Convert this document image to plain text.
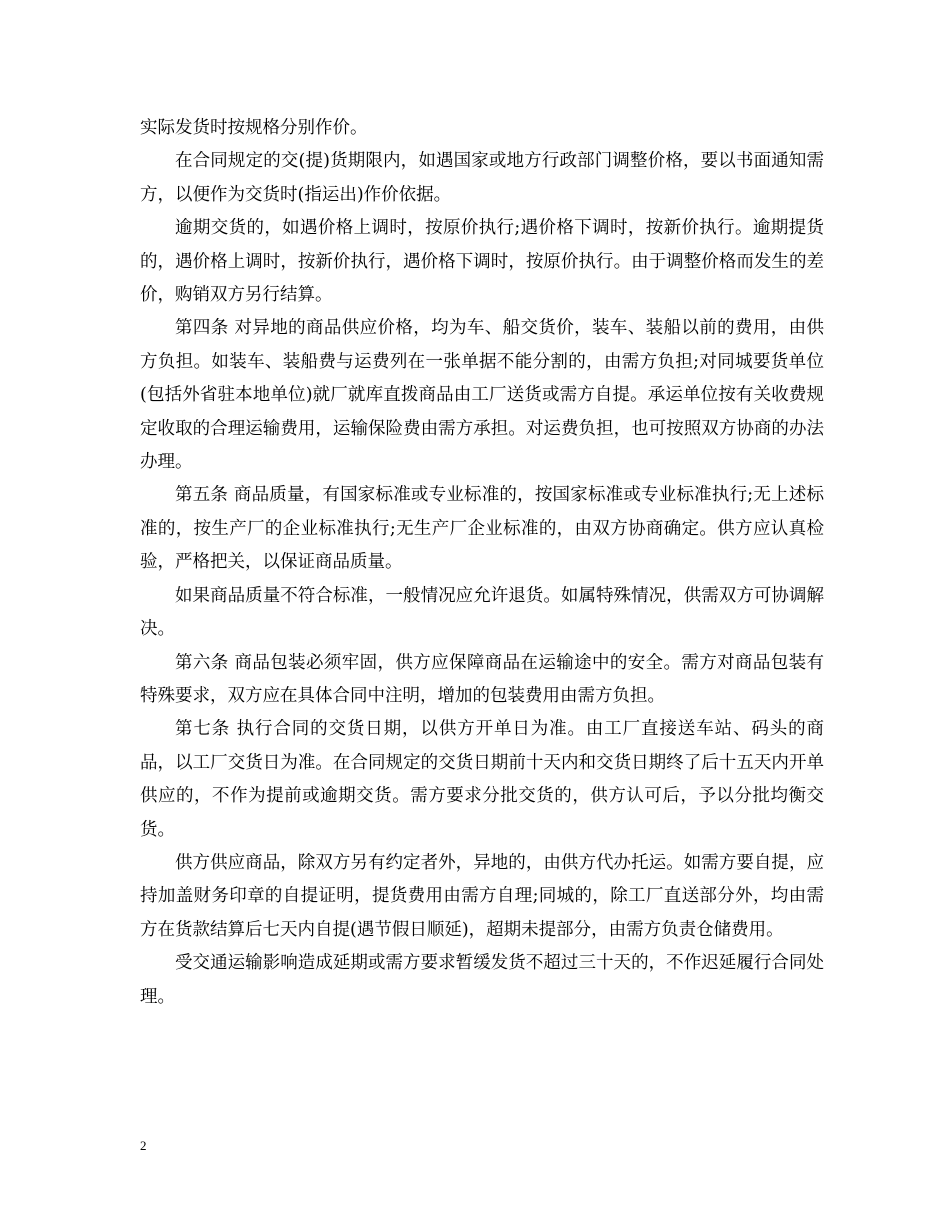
实际发货时按规格分别作价。

在合同规定的交(提)货期限内，如遇国家或地方行政部门调整价格，要以书面通知需方，以便作为交货时(指运出)作价依据。

逾期交货的，如遇价格上调时，按原价执行;遇价格下调时，按新价执行。逾期提货的，遇价格上调时，按新价执行，遇价格下调时，按原价执行。由于调整价格而发生的差价，购销双方另行结算。

第四条 对异地的商品供应价格，均为车、船交货价，装车、装船以前的费用，由供方负担。如装车、装船费与运费列在一张单据不能分割的，由需方负担;对同城要货单位 (包括外省驻本地单位)就厂就库直拨商品由工厂送货或需方自提。承运单位按有关收费规定收取的合理运输费用，运输保险费由需方承担。对运费负担，也可按照双方协商的办法办理。

第五条 商品质量，有国家标准或专业标准的，按国家标准或专业标准执行;无上述标准的，按生产厂的企业标准执行;无生产厂企业标准的，由双方协商确定。供方应认真检验，严格把关，以保证商品质量。

如果商品质量不符合标准，一般情况应允许退货。如属特殊情况，供需双方可协调解决。

第六条 商品包装必须牢固，供方应保障商品在运输途中的安全。需方对商品包装有特殊要求，双方应在具体合同中注明，增加的包装费用由需方负担。

第七条 执行合同的交货日期，以供方开单日为准。由工厂直接送车站、码头的商品，以工厂交货日为准。在合同规定的交货日期前十天内和交货日期终了后十五天内开单供应的，不作为提前或逾期交货。需方要求分批交货的，供方认可后，予以分批均衡交货。

供方供应商品，除双方另有约定者外，异地的，由供方代办托运。如需方要自提，应持加盖财务印章的自提证明，提货费用由需方自理;同城的，除工厂直送部分外，均由需方在货款结算后七天内自提(遇节假日顺延)，超期未提部分，由需方负责仓储费用。

受交通运输影响造成延期或需方要求暂缓发货不超过三十天的，不作迟延履行合同处理。

2
